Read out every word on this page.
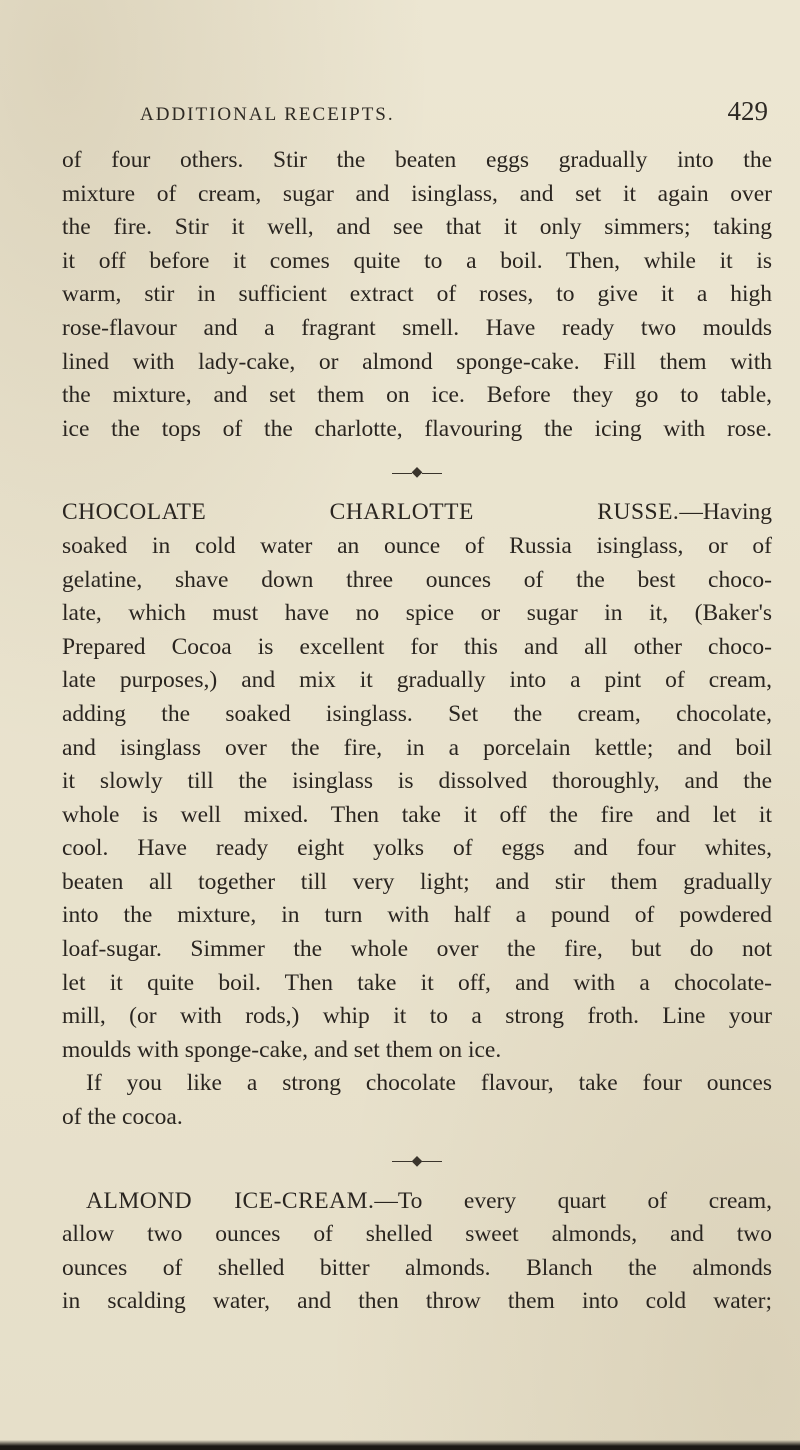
ADDITIONAL RECEIPTS.	429

of four others. Stir the beaten eggs gradually into the
mixture of cream, sugar and isinglass, and set it again over
the fire. Stir it well, and see that it only simmers; taking
it off before it comes quite to a boil. Then, while it is
warm, stir in sufficient extract of roses, to give it a high
rose-flavour and a fragrant smell. Have ready two moulds
lined with lady-cake, or almond sponge-cake. Fill them with
the mixture, and set them on ice. Before they go to table,
ice the tops of the charlotte, flavouring the icing with rose.

◆

CHOCOLATE CHARLOTTE RUSSE.—Having
soaked in cold water an ounce of Russia isinglass, or of
gelatine, shave down three ounces of the best choco-
late, which must have no spice or sugar in it, (Baker's
Prepared Cocoa is excellent for this and all other choco-
late purposes,) and mix it gradually into a pint of cream,
adding the soaked isinglass. Set the cream, chocolate,
and isinglass over the fire, in a porcelain kettle; and boil
it slowly till the isinglass is dissolved thoroughly, and the
whole is well mixed. Then take it off the fire and let it
cool. Have ready eight yolks of eggs and four whites,
beaten all together till very light; and stir them gradually
into the mixture, in turn with half a pound of powdered
loaf-sugar. Simmer the whole over the fire, but do not
let it quite boil. Then take it off, and with a chocolate-
mill, (or with rods,) whip it to a strong froth. Line your
moulds with sponge-cake, and set them on ice.

If you like a strong chocolate flavour, take four ounces
of the cocoa.

◆

ALMOND ICE-CREAM.—To every quart of cream,
allow two ounces of shelled sweet almonds, and two
ounces of shelled bitter almonds. Blanch the almonds
in scalding water, and then throw them into cold water;
